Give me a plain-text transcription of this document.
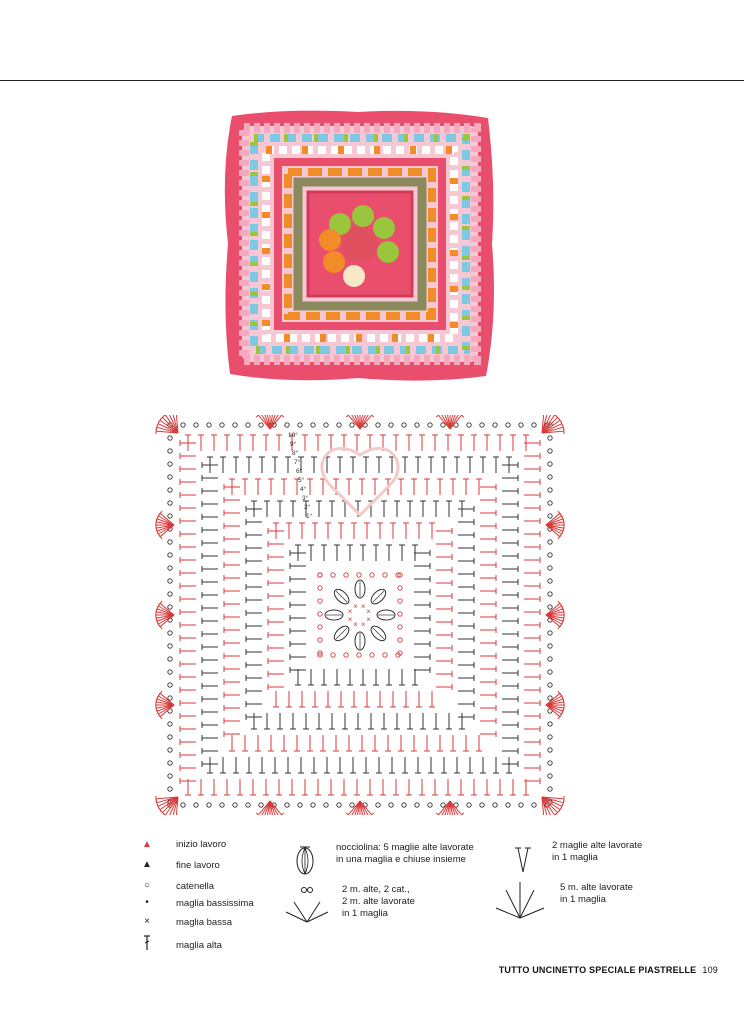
×
×
×
×
×
× ×
×
10°
9°
8°
7°
6°
5°
4°
3°
2°
1°
▲	inizio lavoro
▲	fine lavoro
○	catenella
•	maglia bassissima
×	maglia bassa
maglia alta
nocciolina: 5 maglie alte lavorate
in una maglia e chiuse insieme
2 m. alte, 2 cat.,
2 m. alte lavorate
in 1 maglia
2 maglie alte lavorate
in 1 maglia
5 m. alte lavorate
in 1 maglia
TUTTO UNCINETTO SPECIALE PIASTRELLE 109
